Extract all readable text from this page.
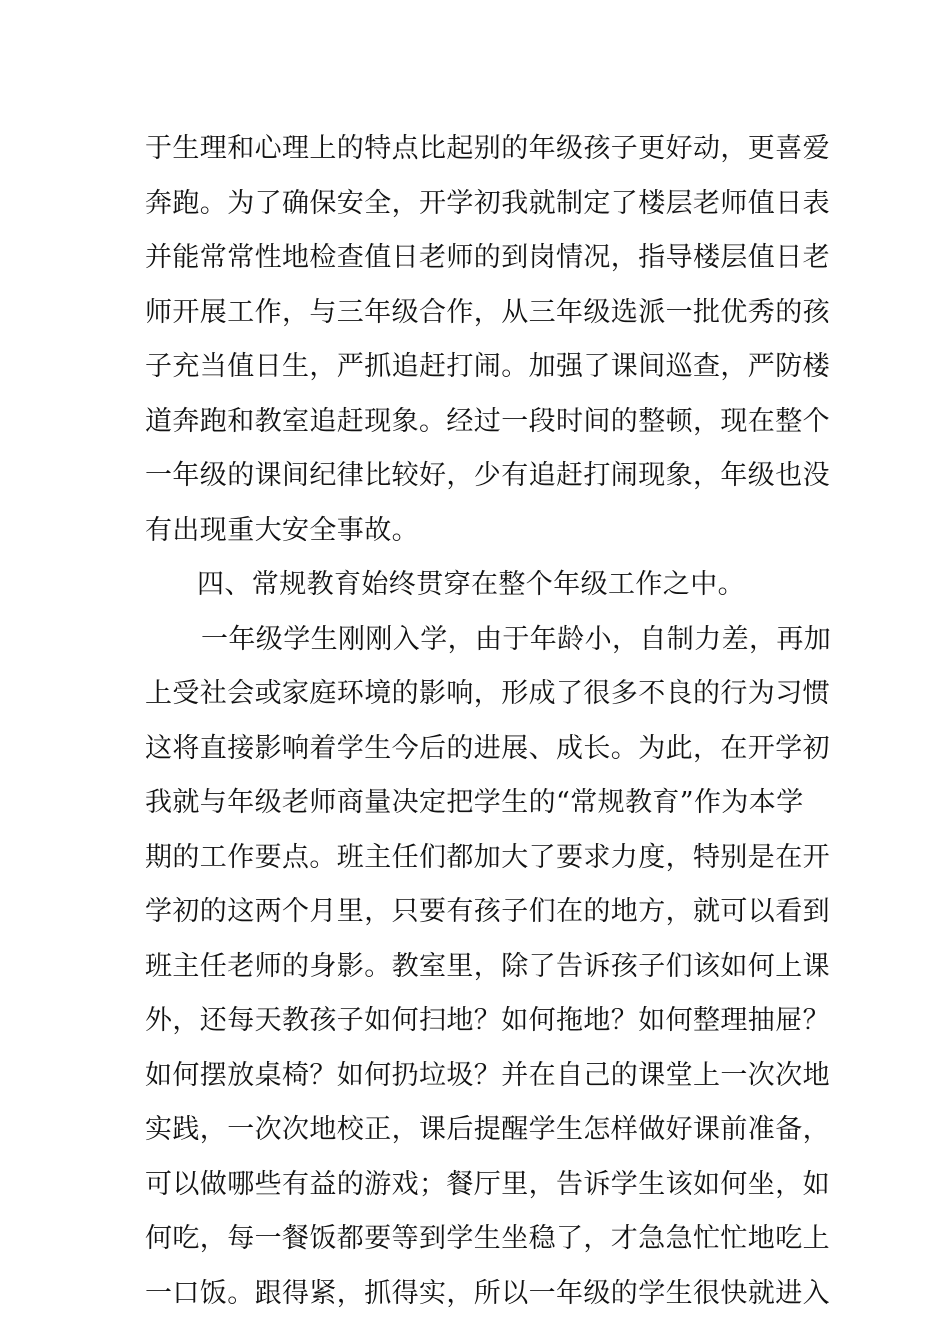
于生理和心理上的特点比起别的年级孩子更好动，更喜爱
奔跑。为了确保安全，开学初我就制定了楼层老师值日表
并能常常性地检查值日老师的到岗情况，指导楼层值日老
师开展工作，与三年级合作，从三年级选派一批优秀的孩
子充当值日生，严抓追赶打闹。加强了课间巡查，严防楼
道奔跑和教室追赶现象。经过一段时间的整顿，现在整个
一年级的课间纪律比较好，少有追赶打闹现象，年级也没
有出现重大安全事故。
四、常规教育始终贯穿在整个年级工作之中。
一年级学生刚刚入学，由于年龄小，自制力差，再加
上受社会或家庭环境的影响，形成了很多不良的行为习惯
这将直接影响着学生今后的进展、成长。为此，在开学初
我就与年级老师商量决定把学生的“常规教育”作为本学
期的工作要点。班主任们都加大了要求力度，特别是在开
学初的这两个月里，只要有孩子们在的地方，就可以看到
班主任老师的身影。教室里，除了告诉孩子们该如何上课
外，还每天教孩子如何扫地？如何拖地？如何整理抽屉？
如何摆放桌椅？如何扔垃圾？并在自己的课堂上一次次地
实践，一次次地校正，课后提醒学生怎样做好课前准备，
可以做哪些有益的游戏；餐厅里，告诉学生该如何坐，如
何吃，每一餐饭都要等到学生坐稳了，才急急忙忙地吃上
一口饭。跟得紧，抓得实，所以一年级的学生很快就进入
